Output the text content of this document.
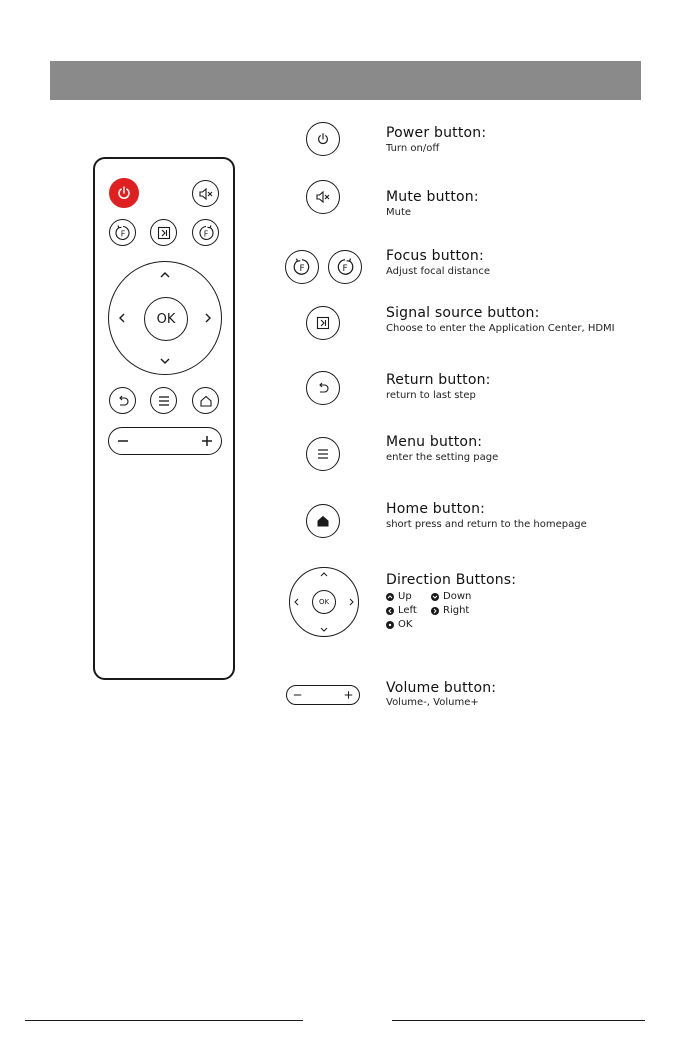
F	F
OK
F	F
OK
Power button:
Turn on/off
Mute button:
Mute
Focus button:
Adjust focal distance
Signal source button:
Choose to enter the Application Center, HDMI
Return button:
return to last step
Menu button:
enter the setting page
Home button:
short press and return to the homepage
Direction Buttons:
Up	Down
Left	Right
OK
Volume button:
Volume-, Volume+
